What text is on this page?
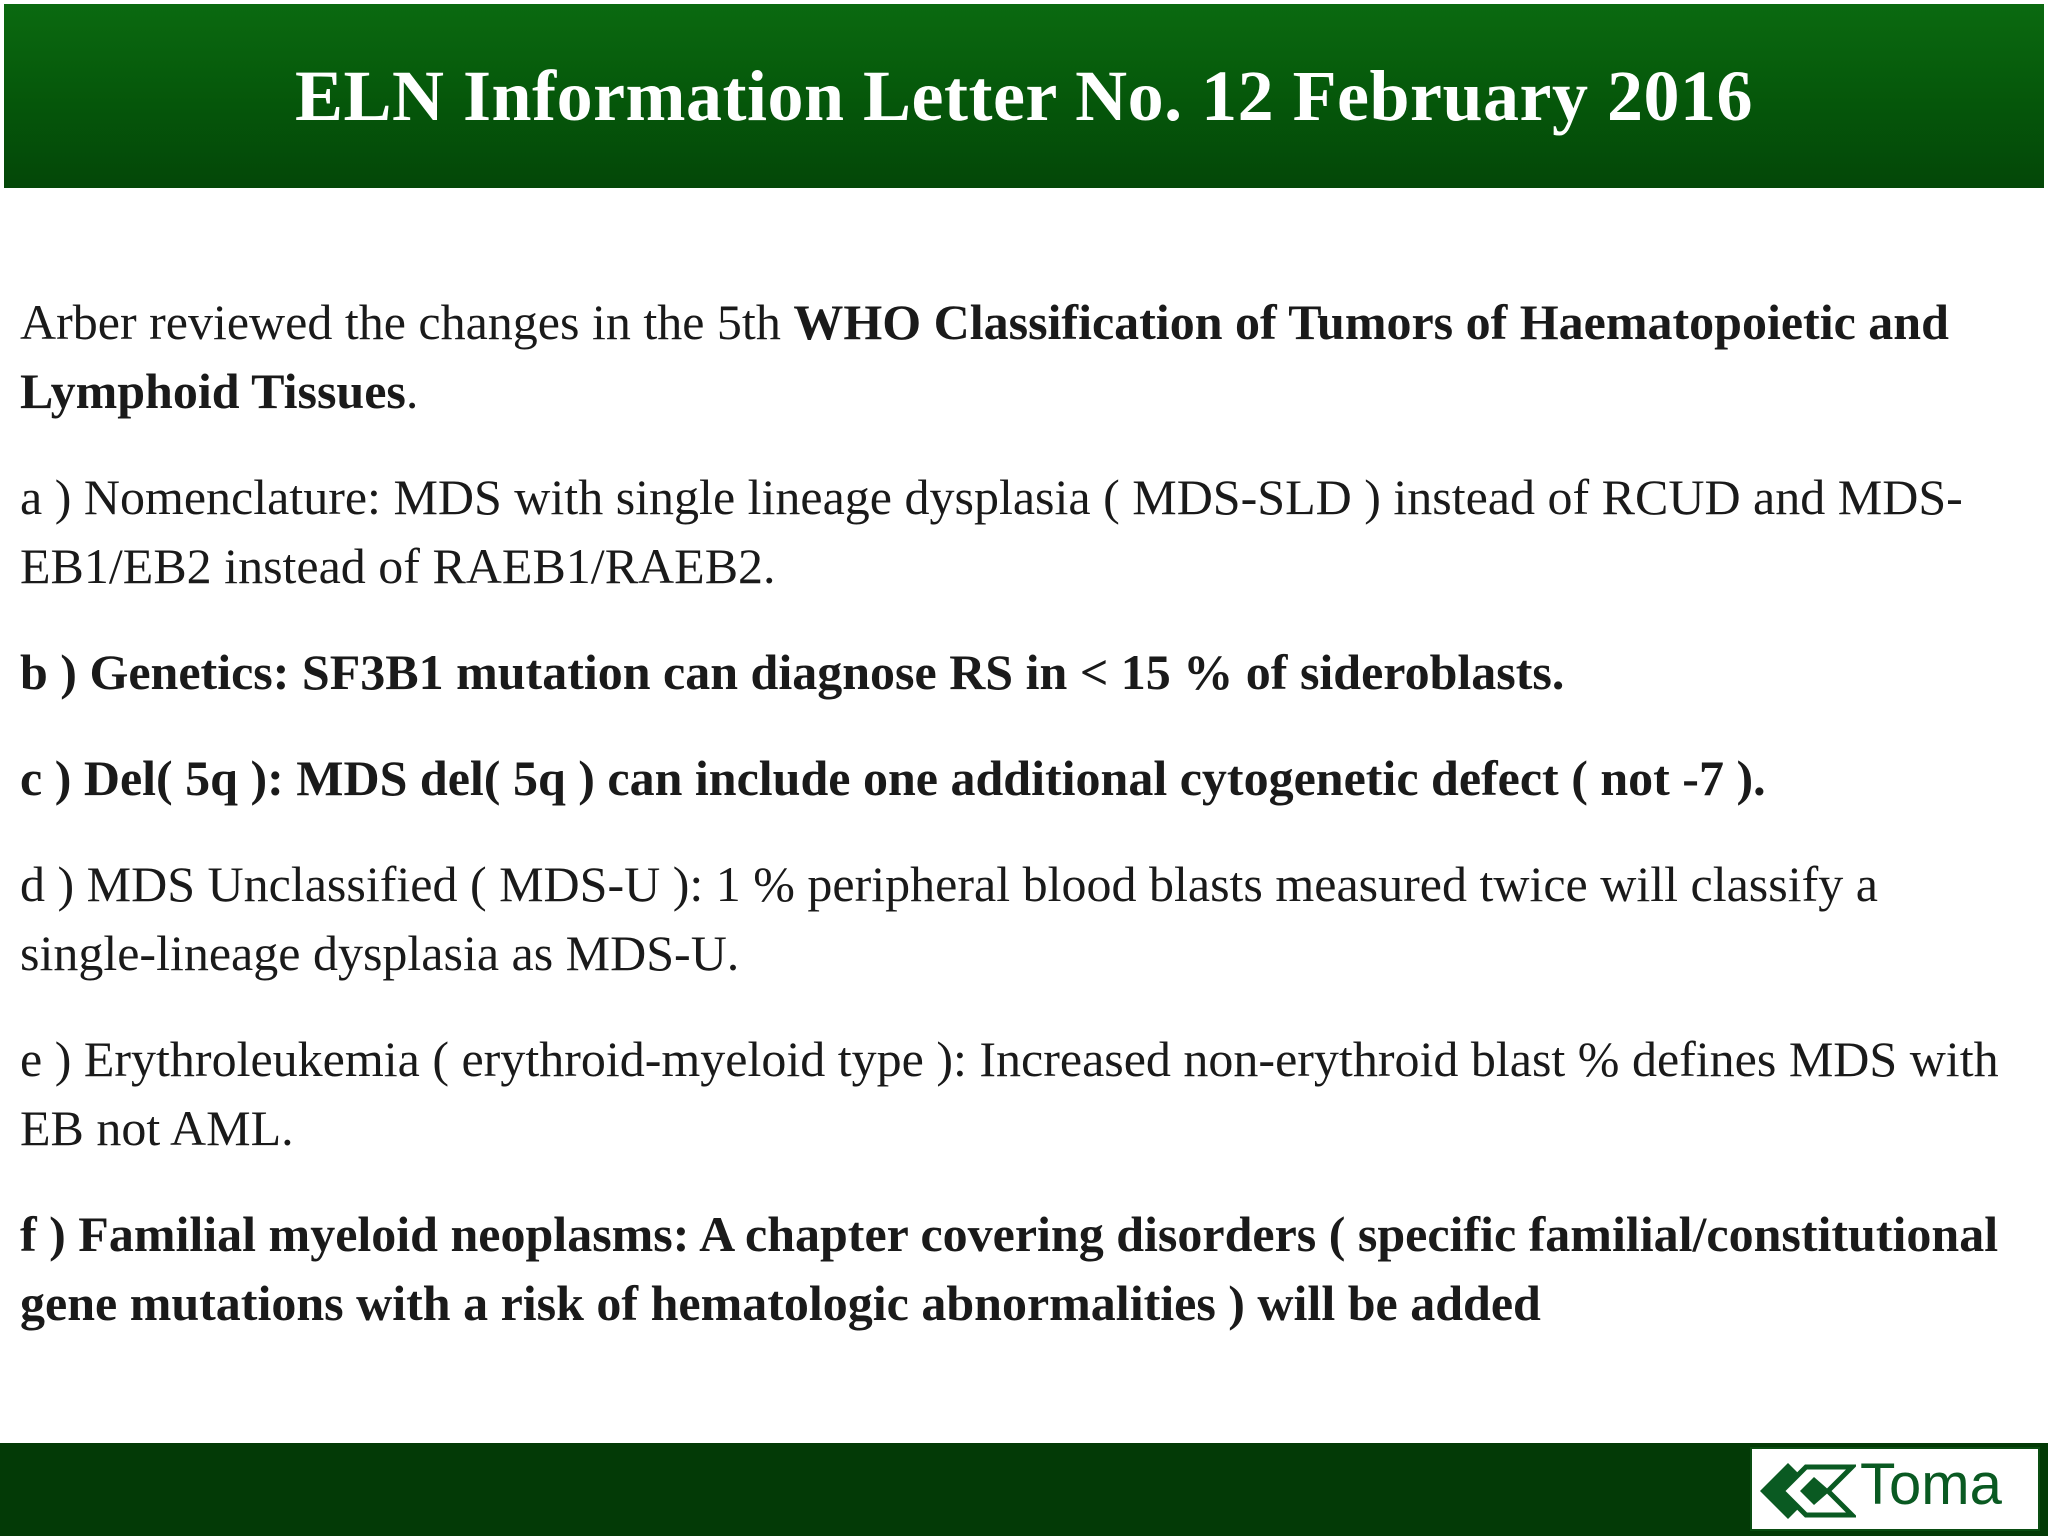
ELN Information Letter No. 12 February 2016

Arber reviewed the changes in the 5th WHO Classification of Tumors of Haematopoietic and Lymphoid Tissues.

a ) Nomenclature: MDS with single lineage dysplasia ( MDS-SLD ) instead of RCUD and MDS-EB1/EB2 instead of RAEB1/RAEB2.

b ) Genetics: SF3B1 mutation can diagnose RS in < 15 % of sideroblasts.

c ) Del( 5q ): MDS del( 5q ) can include one additional cytogenetic defect ( not -7 ).

d ) MDS Unclassified ( MDS-U ): 1 % peripheral blood blasts measured twice will classify a single-lineage dysplasia as MDS-U.

e ) Erythroleukemia ( erythroid-myeloid type ): Increased non-erythroid blast % defines MDS with EB not AML.

f ) Familial myeloid neoplasms: A chapter covering disorders ( specific familial/constitutional gene mutations with a risk of hematologic abnormalities ) will be added

Toma
